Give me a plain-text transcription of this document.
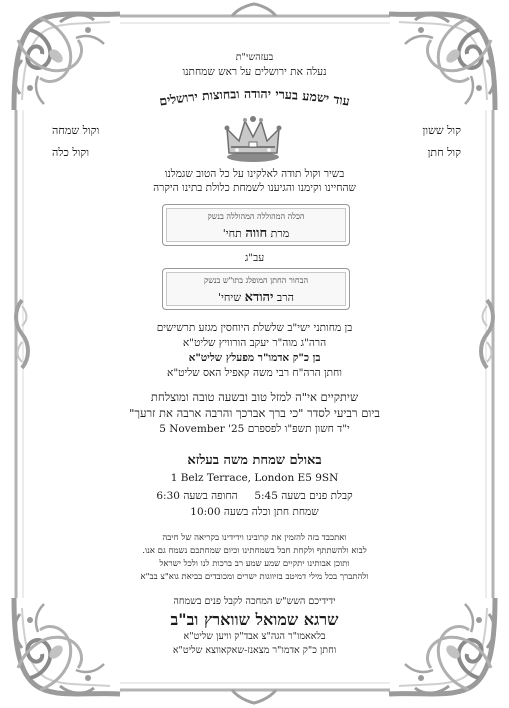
בעזהשי"ת
נעלה את ירושלים על ראש שמחתנו
עוד ישמע בערי יהודה ובחוצות ירושלים
קול ששון
וקול שמחה
קול חתן
וקול כלה
בשיר וקול תודה לאלקינו על כל הטוב שגמלנו
שהחיינו וקימנו והגיענו לשמחת כלולת בתינו היקרה
הכלה המהוללה המהוללה בנשק
מרת חווה תחי'
עב"ג
הבחור החתן המופלג בתו"ש בנשק
הרב יהודא שיחי'
בן מחותני ישי"ב שלשלת היוחסין מגזע תרשישים
הרה"ג מוה"ר יעקב הורוויץ שליט"א
בן כ"ק אדמו"ר מפעלץ שליט"א
וחתן הרה"ח רבי משה קאפיל האס שליט"א
שיתקיים אי"ה למזל טוב ובשעה טובה ומוצלחת
ביום רביעי לסדר "כי ברך אברכך והרבה ארבה את זרעך"
י"ד חשון תשפ"ו לפספרם 5 November '25
באולם שמחת משה בעלזא
1 Belz Terrace, London E5 9SN
קבלת פנים בשעה 5:45     החופה בשעה 6:30
שמחת חתן וכלה בשעה 10:00
ואתכבד בזה להזמין את קרובינו וידידינו בקריאה של חיבה
לבוא ולהשתתף ולקחת חבל בשמחתינו וכיום שמחתכם נשמח גם אנו.
ותוכן אבותינו יתקיים שמע שמע רב ברכות לנו ולכל ישראל
ולהתברך בכל מילי דמיטב בזיווגות ישרים ומכובדים בביאת גוא"צ בב"א
ידידיכם השש"ש המחכה לקבל פנים בשמחה
שרגא שמואל שווארץ וב"ב
בלאאמו"ר הגה"צ אבד"ק וויען שליט"א
וחתן כ"ק אדמו"ר מצאנז-שאקאווצא שליט"א
